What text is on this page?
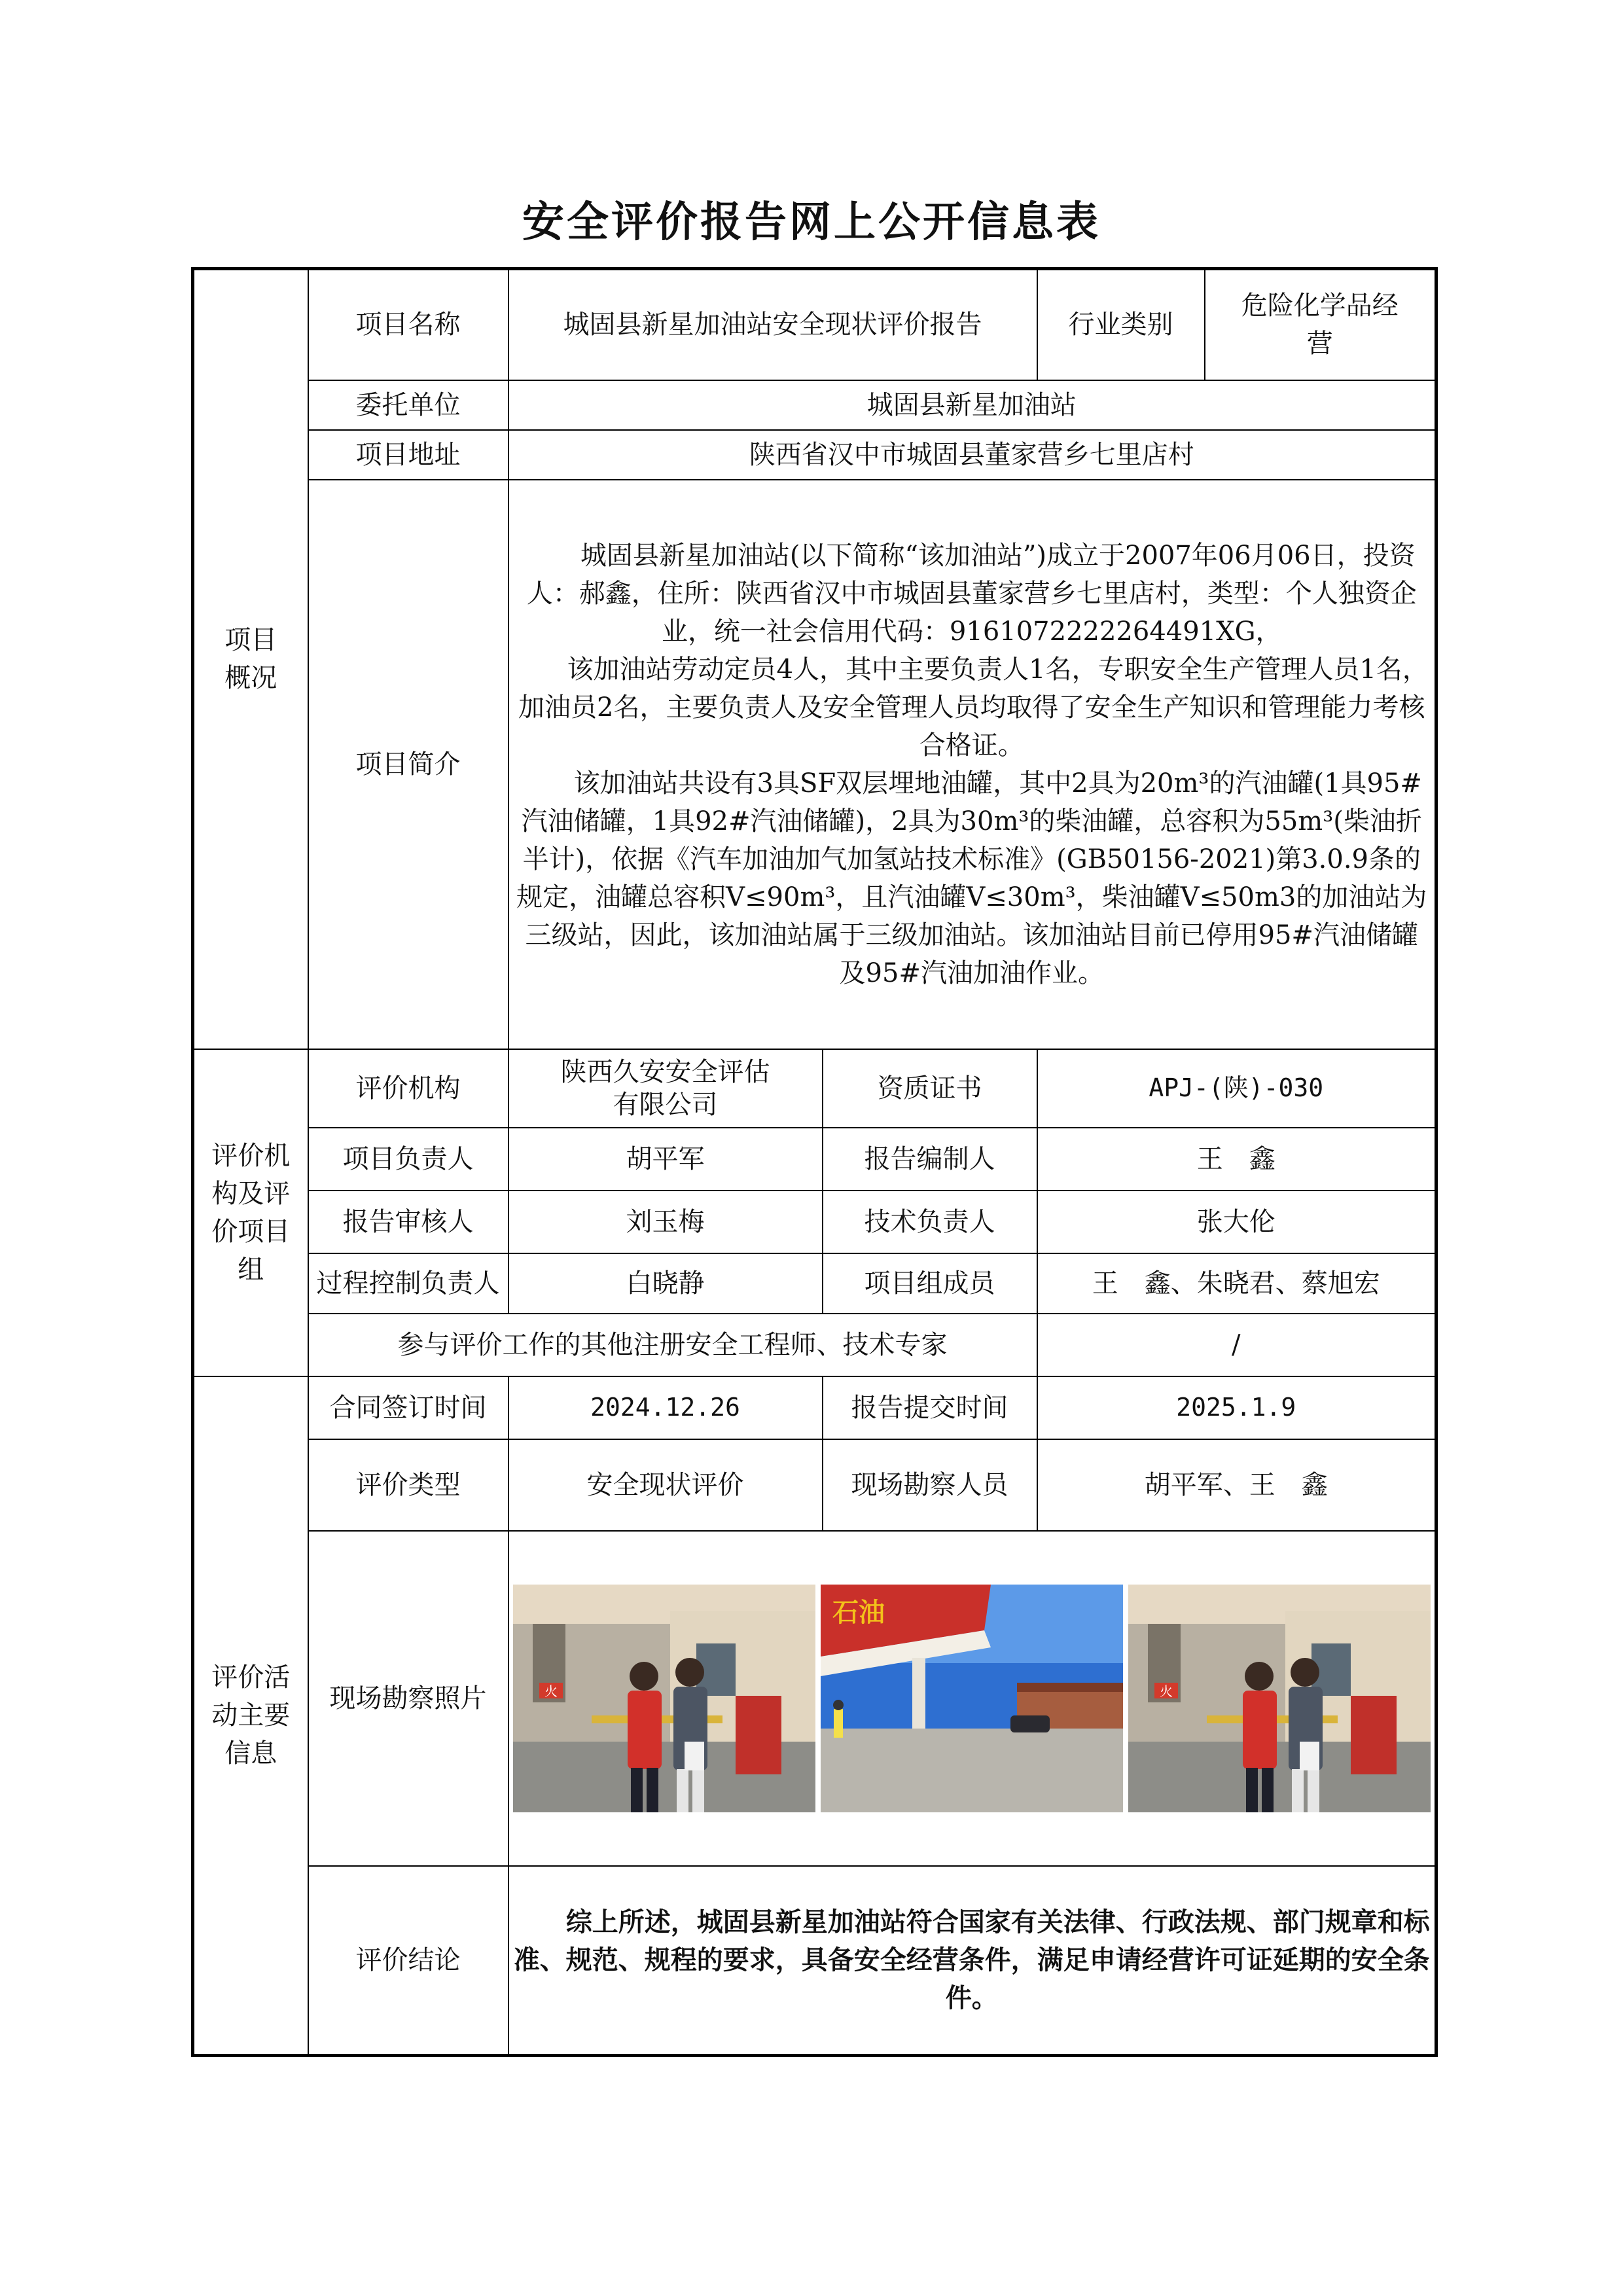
安全评价报告网上公开信息表
项目
概况	项目名称	城固县新星加油站安全现状评价报告		行业类别	危险化学品经营
	委托单位	城固县新星加油站			
	项目地址	陕西省汉中市城固县董家营乡七里店村			
	项目简介	城固县新星加油站(以下简称“该加油站”)成立于2007年06月06日，投资人：郝鑫，住所：陕西省汉中市城固县董家营乡七里店村，类型：个人独资企业，统一社会信用代码：9161072222264491XG，

该加油站劳动定员4人，其中主要负责人1名，专职安全生产管理人员1名，加油员2名，主要负责人及安全管理人员均取得了安全生产知识和管理能力考核合格证。

该加油站共设有3具SF双层埋地油罐，其中2具为20m³的汽油罐(1具95#汽油储罐，1具92#汽油储罐)，2具为30m³的柴油罐，总容积为55m³(柴油折半计)，依据《汽车加油加气加氢站技术标准》(GB50156-2021)第3.0.9条的规定，油罐总容积V≤90m³，且汽油罐V≤30m³，柴油罐V≤50m3的加油站为三级站，因此，该加油站属于三级加油站。该加油站目前已停用95#汽油储罐及95#汽油加油作业。			

评价机
构及评
价项目
组	评价机构	陕西久安安全评估
有限公司	资质证书	APJ-(陕)-030	
	项目负责人	胡平军	报告编制人	王　鑫	
	报告审核人	刘玉梅	技术负责人	张大伦	
	过程控制负责人	白晓静	项目组成员	王　鑫、朱晓君、蔡旭宏	
	参与评价工作的其他注册安全工程师、技术专家			/	
评价活
动主要
信息	合同签订时间	2024.12.26	报告提交时间	2025.1.9	
	评价类型	安全现状评价	现场勘察人员	胡平军、王　鑫	
	现场勘察照片	火
石油
火			

	评价结论	综上所述，城固县新星加油站符合国家有关法律、行政法规、部门规章和标准、规范、规程的要求，具备安全经营条件，满足申请经营许可证延期的安全条件。			
